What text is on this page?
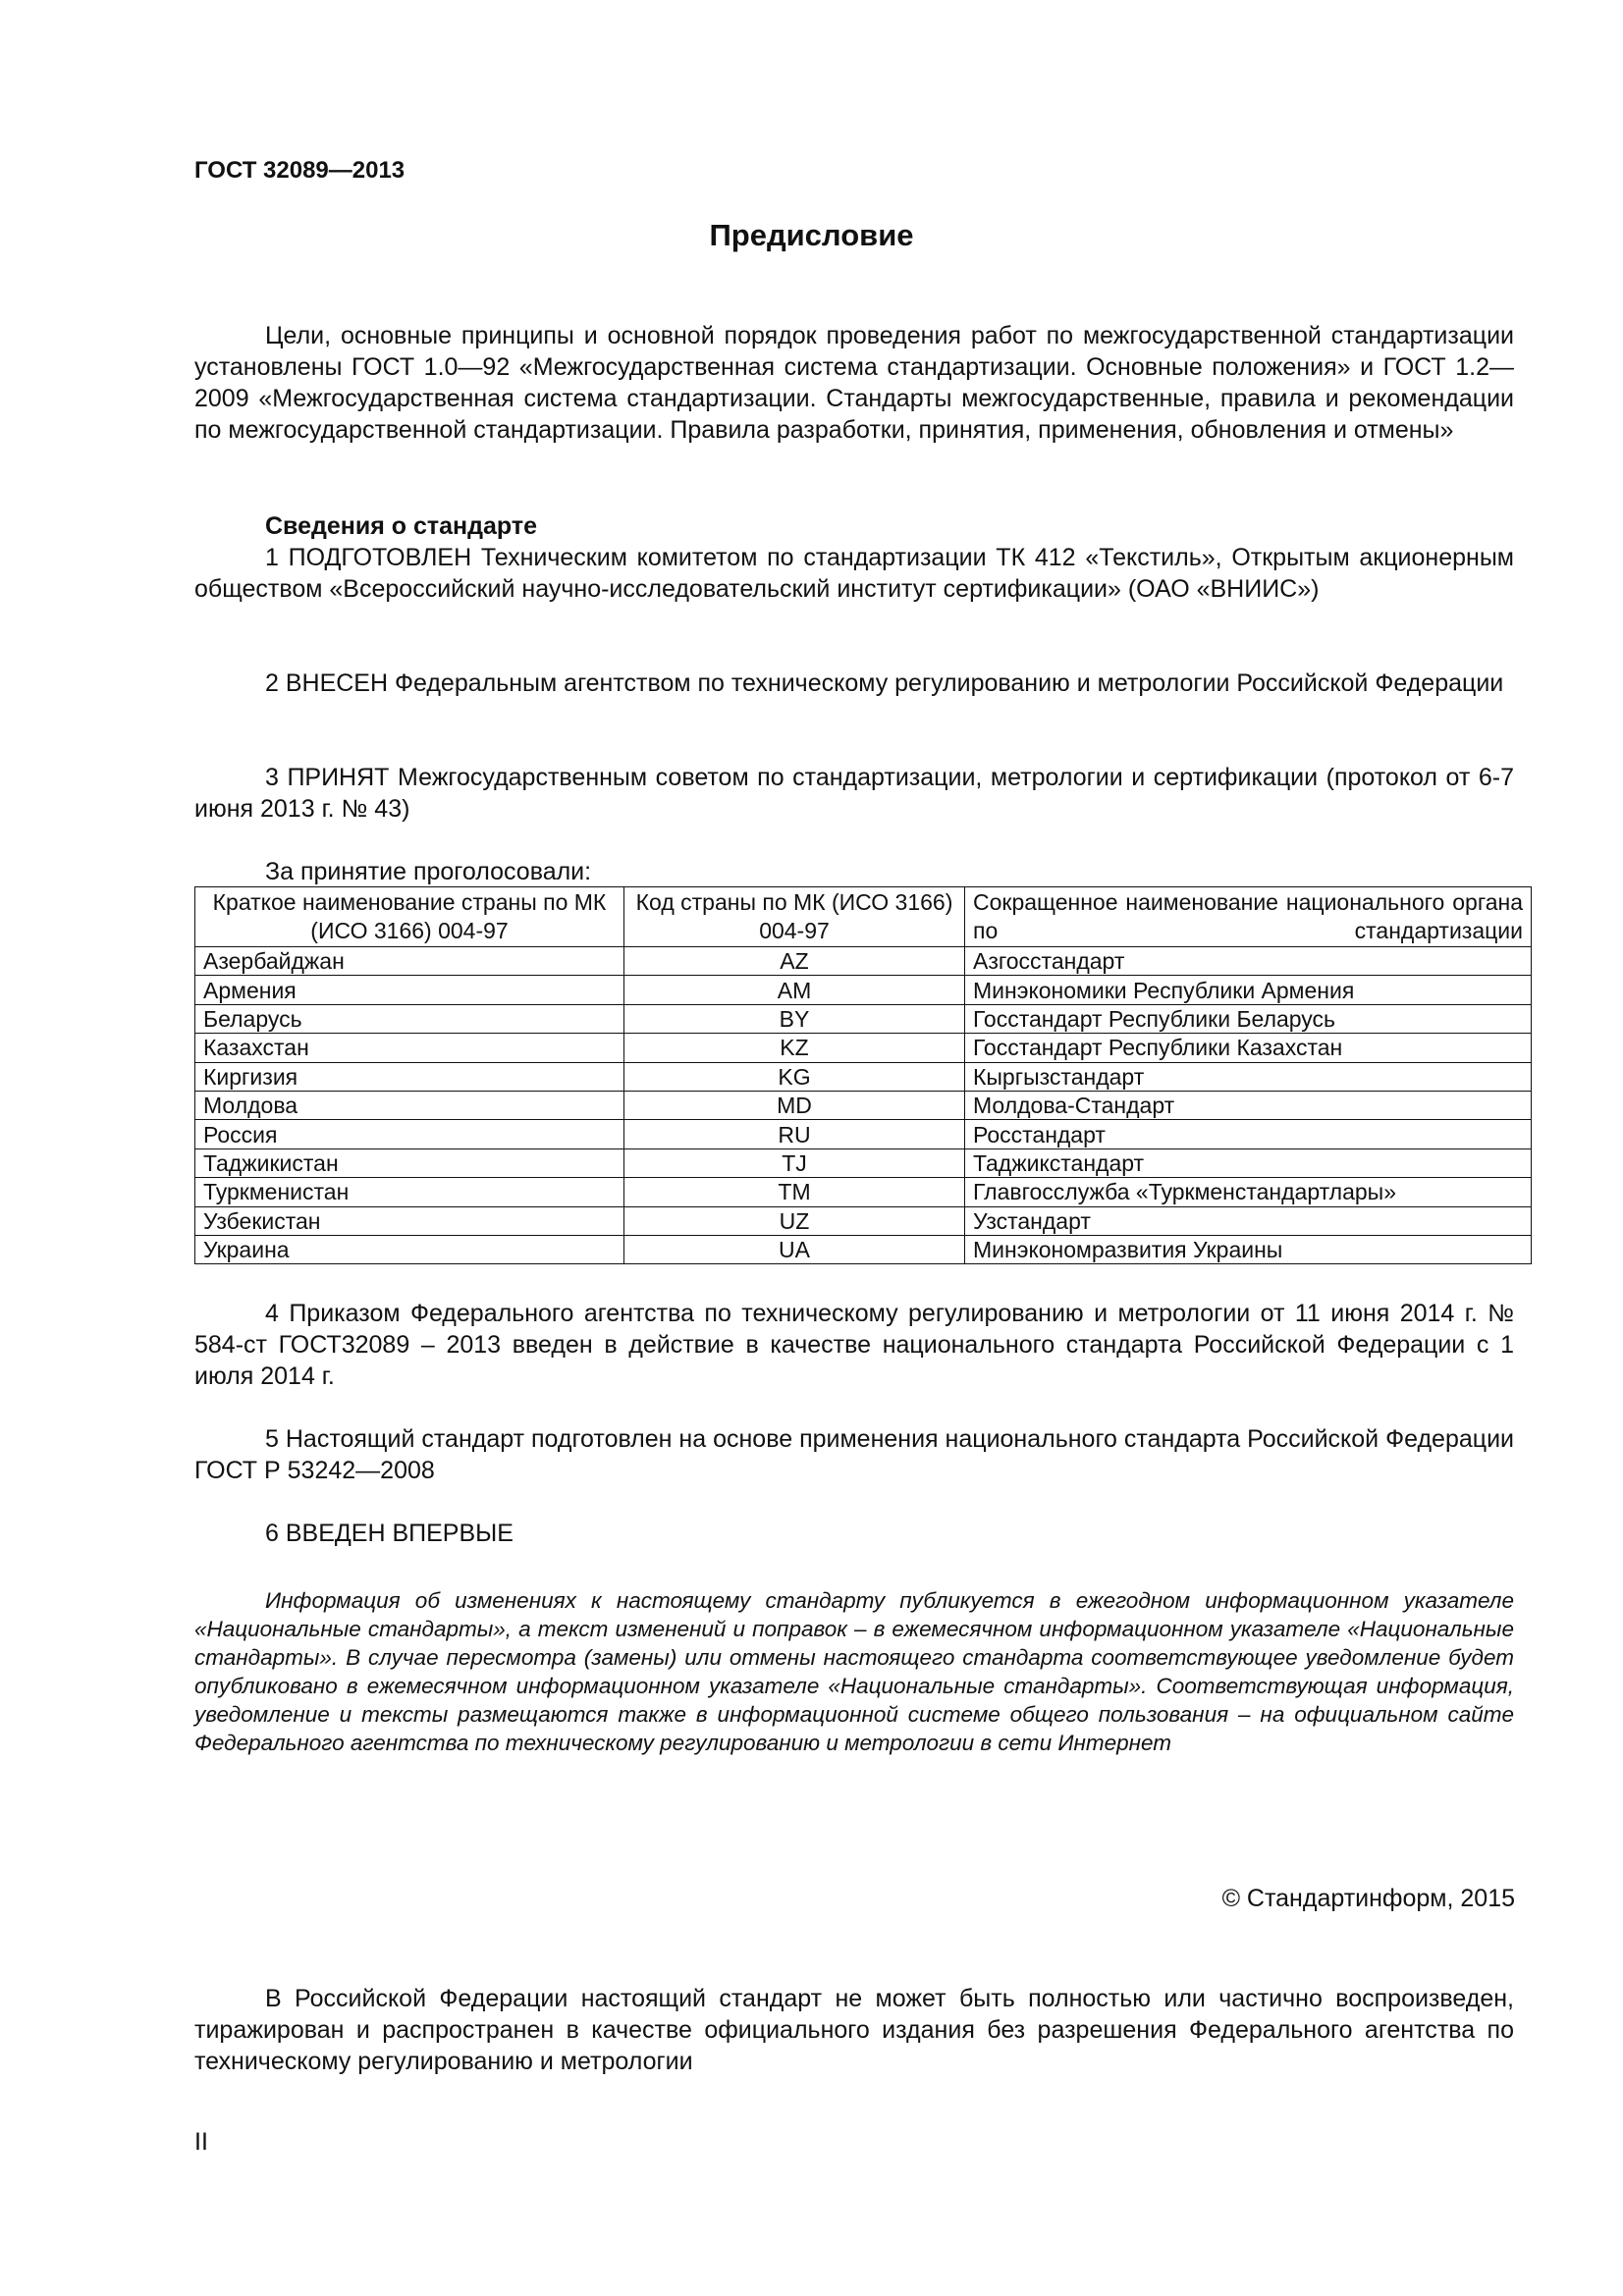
ГОСТ 32089—2013
Предисловие
Цели, основные принципы и основной порядок проведения работ по межгосударственной стандартизации установлены ГОСТ 1.0—92 «Межгосударственная система стандартизации. Основные положения» и ГОСТ 1.2—2009 «Межгосударственная система стандартизации. Стандарты межгосударственные, правила и рекомендации по межгосударственной стандартизации. Правила разработки, принятия, применения, обновления и отмены»
Сведения о стандарте
1 ПОДГОТОВЛЕН Техническим комитетом по стандартизации ТК 412 «Текстиль», Открытым акционерным обществом «Всероссийский научно-исследовательский институт сертификации» (ОАО «ВНИИС»)
2 ВНЕСЕН Федеральным агентством по техническому регулированию и метрологии Российской Федерации
3 ПРИНЯТ Межгосударственным советом по стандартизации, метрологии и сертификации (протокол от 6-7 июня 2013 г. № 43)
За принятие проголосовали:
Краткое наименование страны по МК (ИСО 3166) 004-97	Код страны по МК (ИСО 3166) 004-97	Сокращенное наименование национального органа по стандартизации
Азербайджан	AZ	Азгосстандарт
Армения	AM	Минэкономики Республики Армения
Беларусь	BY	Госстандарт Республики Беларусь
Казахстан	KZ	Госстандарт Республики Казахстан
Киргизия	KG	Кыргызстандарт
Молдова	MD	Молдова-Стандарт
Россия	RU	Росстандарт
Таджикистан	TJ	Таджикстандарт
Туркменистан	TM	Главгосслужба «Туркменстандартлары»
Узбекистан	UZ	Узстандарт
Украина	UA	Минэкономразвития Украины
4 Приказом Федерального агентства по техническому регулированию и метрологии от 11 июня 2014 г. № 584-ст ГОСТ32089 – 2013 введен в действие в качестве национального стандарта Российской Федерации с 1 июля 2014 г.
5 Настоящий стандарт подготовлен на основе применения национального стандарта Российской Федерации ГОСТ Р 53242—2008
6 ВВЕДЕН ВПЕРВЫЕ
Информация об изменениях к настоящему стандарту публикуется в ежегодном информационном указателе «Национальные стандарты», а текст изменений и поправок – в ежемесячном информационном указателе «Национальные стандарты». В случае пересмотра (замены) или отмены настоящего стандарта соответствующее уведомление будет опубликовано в ежемесячном информационном указателе «Национальные стандарты». Соответствующая информация, уведомление и тексты размещаются также в информационной системе общего пользования – на официальном сайте Федерального агентства по техническому регулированию и метрологии в сети Интернет
© Стандартинформ, 2015
В Российской Федерации настоящий стандарт не может быть полностью или частично воспроизведен, тиражирован и распространен в качестве официального издания без разрешения Федерального агентства по техническому регулированию и метрологии
II
